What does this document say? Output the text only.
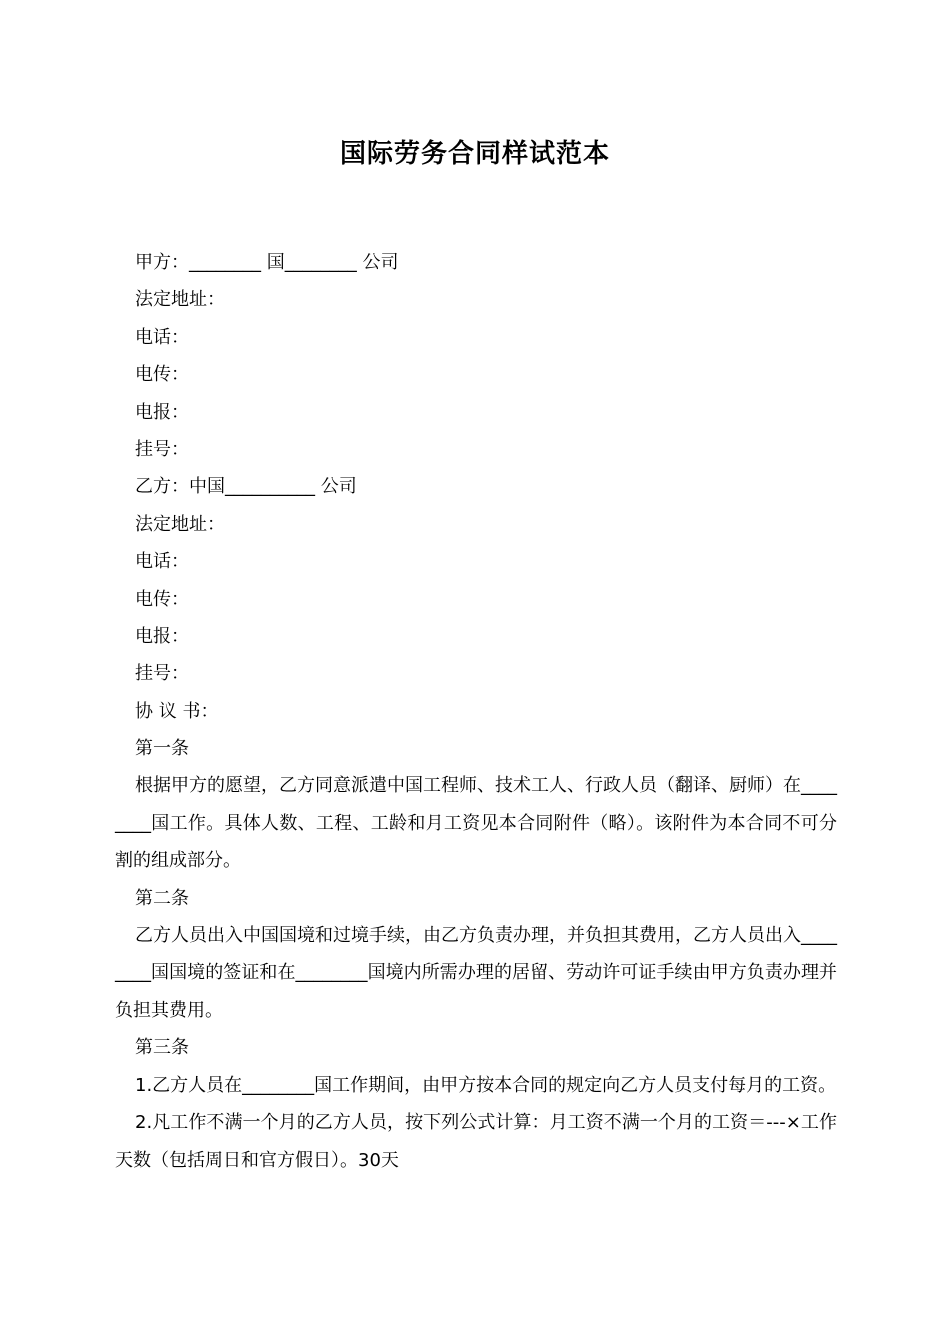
国际劳务合同样试范本
甲方：________ 国________ 公司
法定地址：
电话：
电传：
电报：
挂号：
乙方：中国__________ 公司
法定地址：
电话：
电传：
电报：
挂号：
协 议 书：
第一条
根据甲方的愿望，乙方同意派遣中国工程师、技术工人、行政人员（翻译、厨师）在________国工作。具体人数、工程、工龄和月工资见本合同附件（略）。该附件为本合同不可分割的组成部分。
第二条
乙方人员出入中国国境和过境手续，由乙方负责办理，并负担其费用，乙方人员出入________国国境的签证和在________国境内所需办理的居留、劳动许可证手续由甲方负责办理并负担其费用。
第三条
1.乙方人员在________国工作期间，由甲方按本合同的规定向乙方人员支付每月的工资。
2.凡工作不满一个月的乙方人员，按下列公式计算：月工资不满一个月的工资＝---×工作天数（包括周日和官方假日）。30天
